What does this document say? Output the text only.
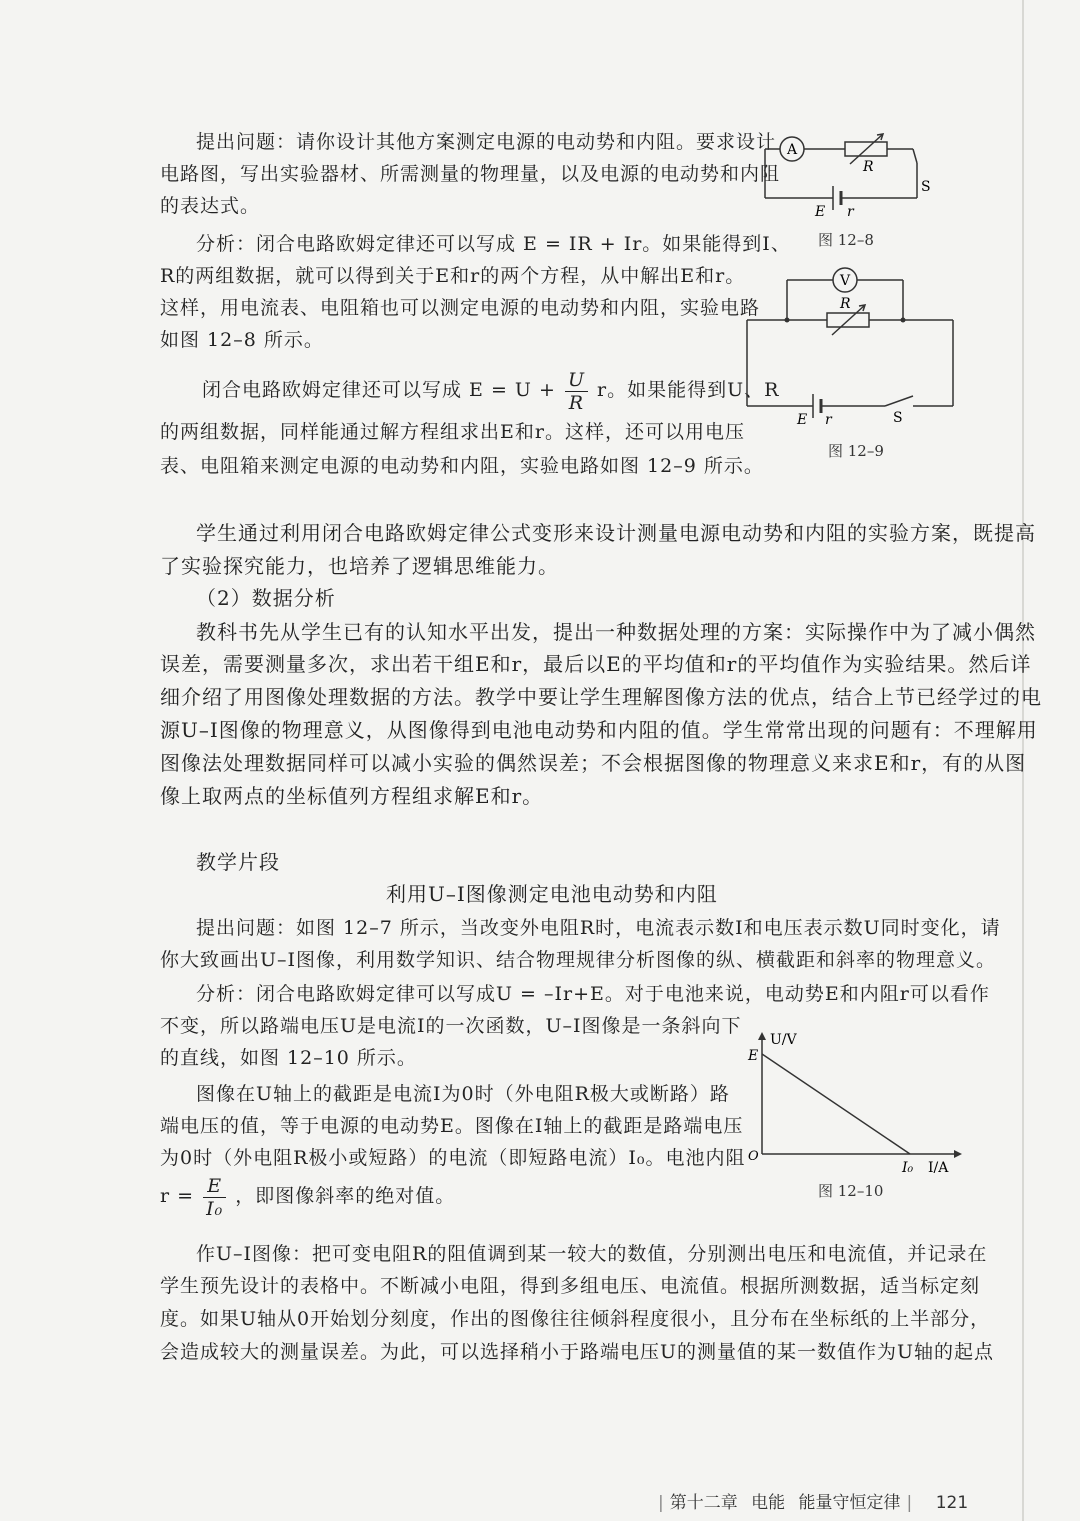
提出问题：请你设计其他方案测定电源的电动势和内阻。要求设计

电路图，写出实验器材、所需测量的物理量，以及电源的电动势和内阻

的表达式。

分析：闭合电路欧姆定律还可以写成 E = IR + Ir。如果能得到I、

R的两组数据，就可以得到关于E和r的两个方程，从中解出E和r。

这样，用电流表、电阻箱也可以测定电源的电动势和内阻，实验电路

如图 12–8 所示。

闭合电路欧姆定律还可以写成 $E = U + \frac{U}{R}$ r。如果能得到U、R

的两组数据，同样能通过解方程组求出E和r。这样，还可以用电压

表、电阻箱来测定电源的电动势和内阻，实验电路如图 12–9 所示。

A
R
S
E r
图 12–8
V
R
S
E r
图 12–9

学生通过利用闭合电路欧姆定律公式变形来设计测量电源电动势和内阻的实验方案，既提高

了实验探究能力，也培养了逻辑思维能力。

（2）数据分析

教科书先从学生已有的认知水平出发，提出一种数据处理的方案：实际操作中为了减小偶然

误差，需要测量多次，求出若干组E和r，最后以E的平均值和r的平均值作为实验结果。然后详

细介绍了用图像处理数据的方法。教学中要让学生理解图像方法的优点，结合上节已经学过的电

源U–I图像的物理意义，从图像得到电池电动势和内阻的值。学生常常出现的问题有：不理解用

图像法处理数据同样可以减小实验的偶然误差；不会根据图像的物理意义来求E和r，有的从图

像上取两点的坐标值列方程组求解E和r。

教学片段

利用U–I图像测定电池电动势和内阻

提出问题：如图 12–7 所示，当改变外电阻R时，电流表示数I和电压表示数U同时变化，请

你大致画出U–I图像，利用数学知识、结合物理规律分析图像的纵、横截距和斜率的物理意义。

分析：闭合电路欧姆定律可以写成U = –Ir+E。对于电池来说，电动势E和内阻r可以看作

不变，所以路端电压U是电流I的一次函数，U–I图像是一条斜向下

的直线，如图 12–10 所示。

图像在U轴上的截距是电流I为0时（外电阻R极大或断路）路

端电压的值，等于电源的电动势E。图像在I轴上的截距是路端电压

为0时（外电阻R极小或短路）的电流（即短路电流）I₀。电池内阻

$r = \frac{E}{\text{I₀}}$ ，即图像斜率的绝对值。

U/V
E
O
I₀ I/A
图 12–10

作U–I图像：把可变电阻R的阻值调到某一较大的数值，分别测出电压和电流值，并记录在

学生预先设计的表格中。不断减小电阻，得到多组电压、电流值。根据所测数据，适当标定刻

度。如果U轴从0开始划分刻度，作出的图像往往倾斜程度很小，且分布在坐标纸的上半部分，

会造成较大的测量误差。为此，可以选择稍小于路端电压U的测量值的某一数值作为U轴的起点

| 第十二章 电能 能量守恒定律 | 121
